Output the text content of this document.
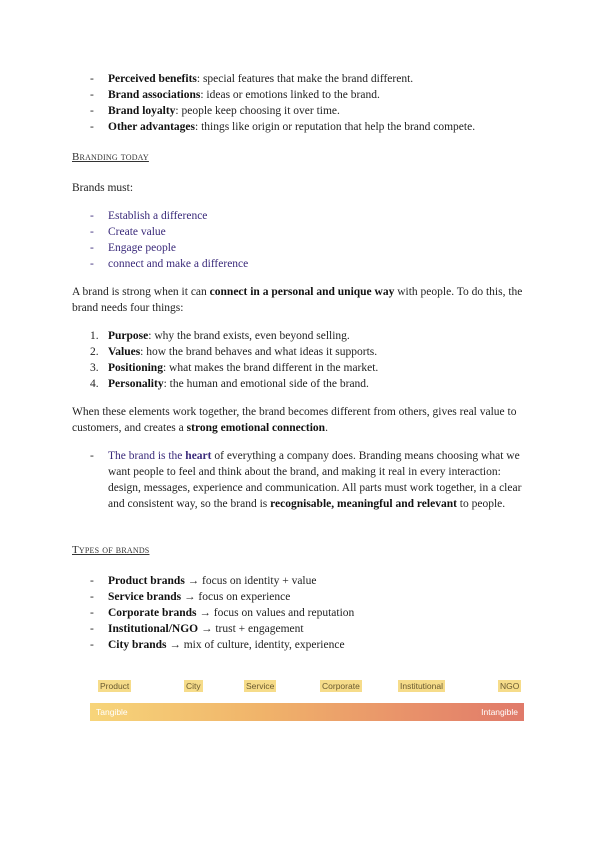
- Perceived benefits: special features that make the brand different.
- Brand associations: ideas or emotions linked to the brand.
- Brand loyalty: people keep choosing it over time.
- Other advantages: things like origin or reputation that help the brand compete.
Branding today

Brands must:

- Establish a difference
- Create value
- Engage people
- connect and make a difference

A brand is strong when it can connect in a personal and unique way with people. To do this, the brand needs four things:

1. Purpose: why the brand exists, even beyond selling.
2. Values: how the brand behaves and what ideas it supports.
3. Positioning: what makes the brand different in the market.
4. Personality: the human and emotional side of the brand.

When these elements work together, the brand becomes different from others, gives real value to customers, and creates a strong emotional connection.

- The brand is the heart of everything a company does. Branding means choosing what we want people to feel and think about the brand, and making it real in every interaction: design, messages, experience and communication. All parts must work together, in a clear and consistent way, so the brand is recognisable, meaningful and relevant to people.
Types of brands
- Product brands → focus on identity + value
- Service brands → focus on experience
- Corporate brands → focus on values and reputation
- Institutional/NGO → trust + engagement
- City brands → mix of culture, identity, experience
Product	City	Service	Corporate	Institutional	NGO
Tangible	Intangible
